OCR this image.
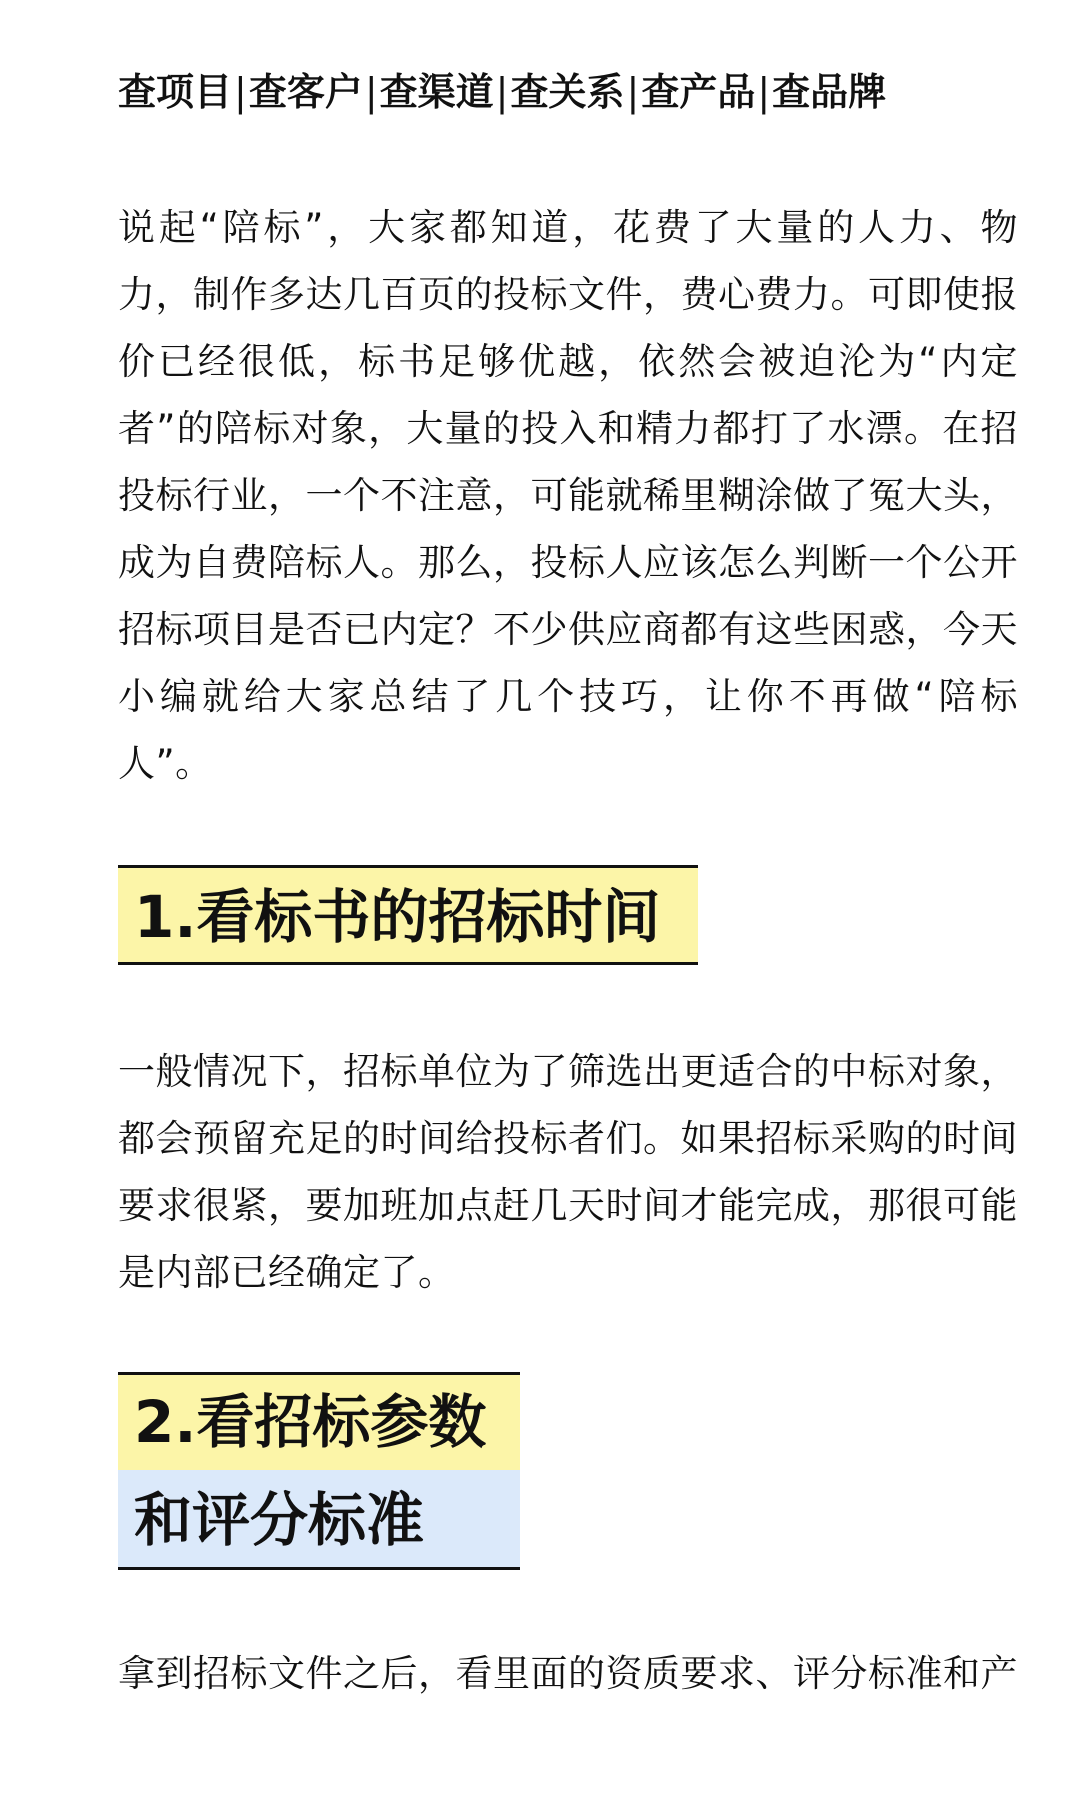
查项目|查客户|查渠道|查关系|查产品|查品牌

说起“陪标”，大家都知道，花费了大量的人力、物力，制作多达几百页的投标文件，费心费力。可即使报价已经很低，标书足够优越，依然会被迫沦为“内定者”的陪标对象，大量的投入和精力都打了水漂。在招投标行业，一个不注意，可能就稀里糊涂做了冤大头，成为自费陪标人。那么，投标人应该怎么判断一个公开招标项目是否已内定？不少供应商都有这些困惑，今天小编就给大家总结了几个技巧，让你不再做“陪标人”。

1.看标书的招标时间

一般情况下，招标单位为了筛选出更适合的中标对象，都会预留充足的时间给投标者们。如果招标采购的时间要求很紧，要加班加点赶几天时间才能完成，那很可能是内部已经确定了。

2.看招标参数
和评分标准

拿到招标文件之后，看里面的资质要求、评分标准和产
